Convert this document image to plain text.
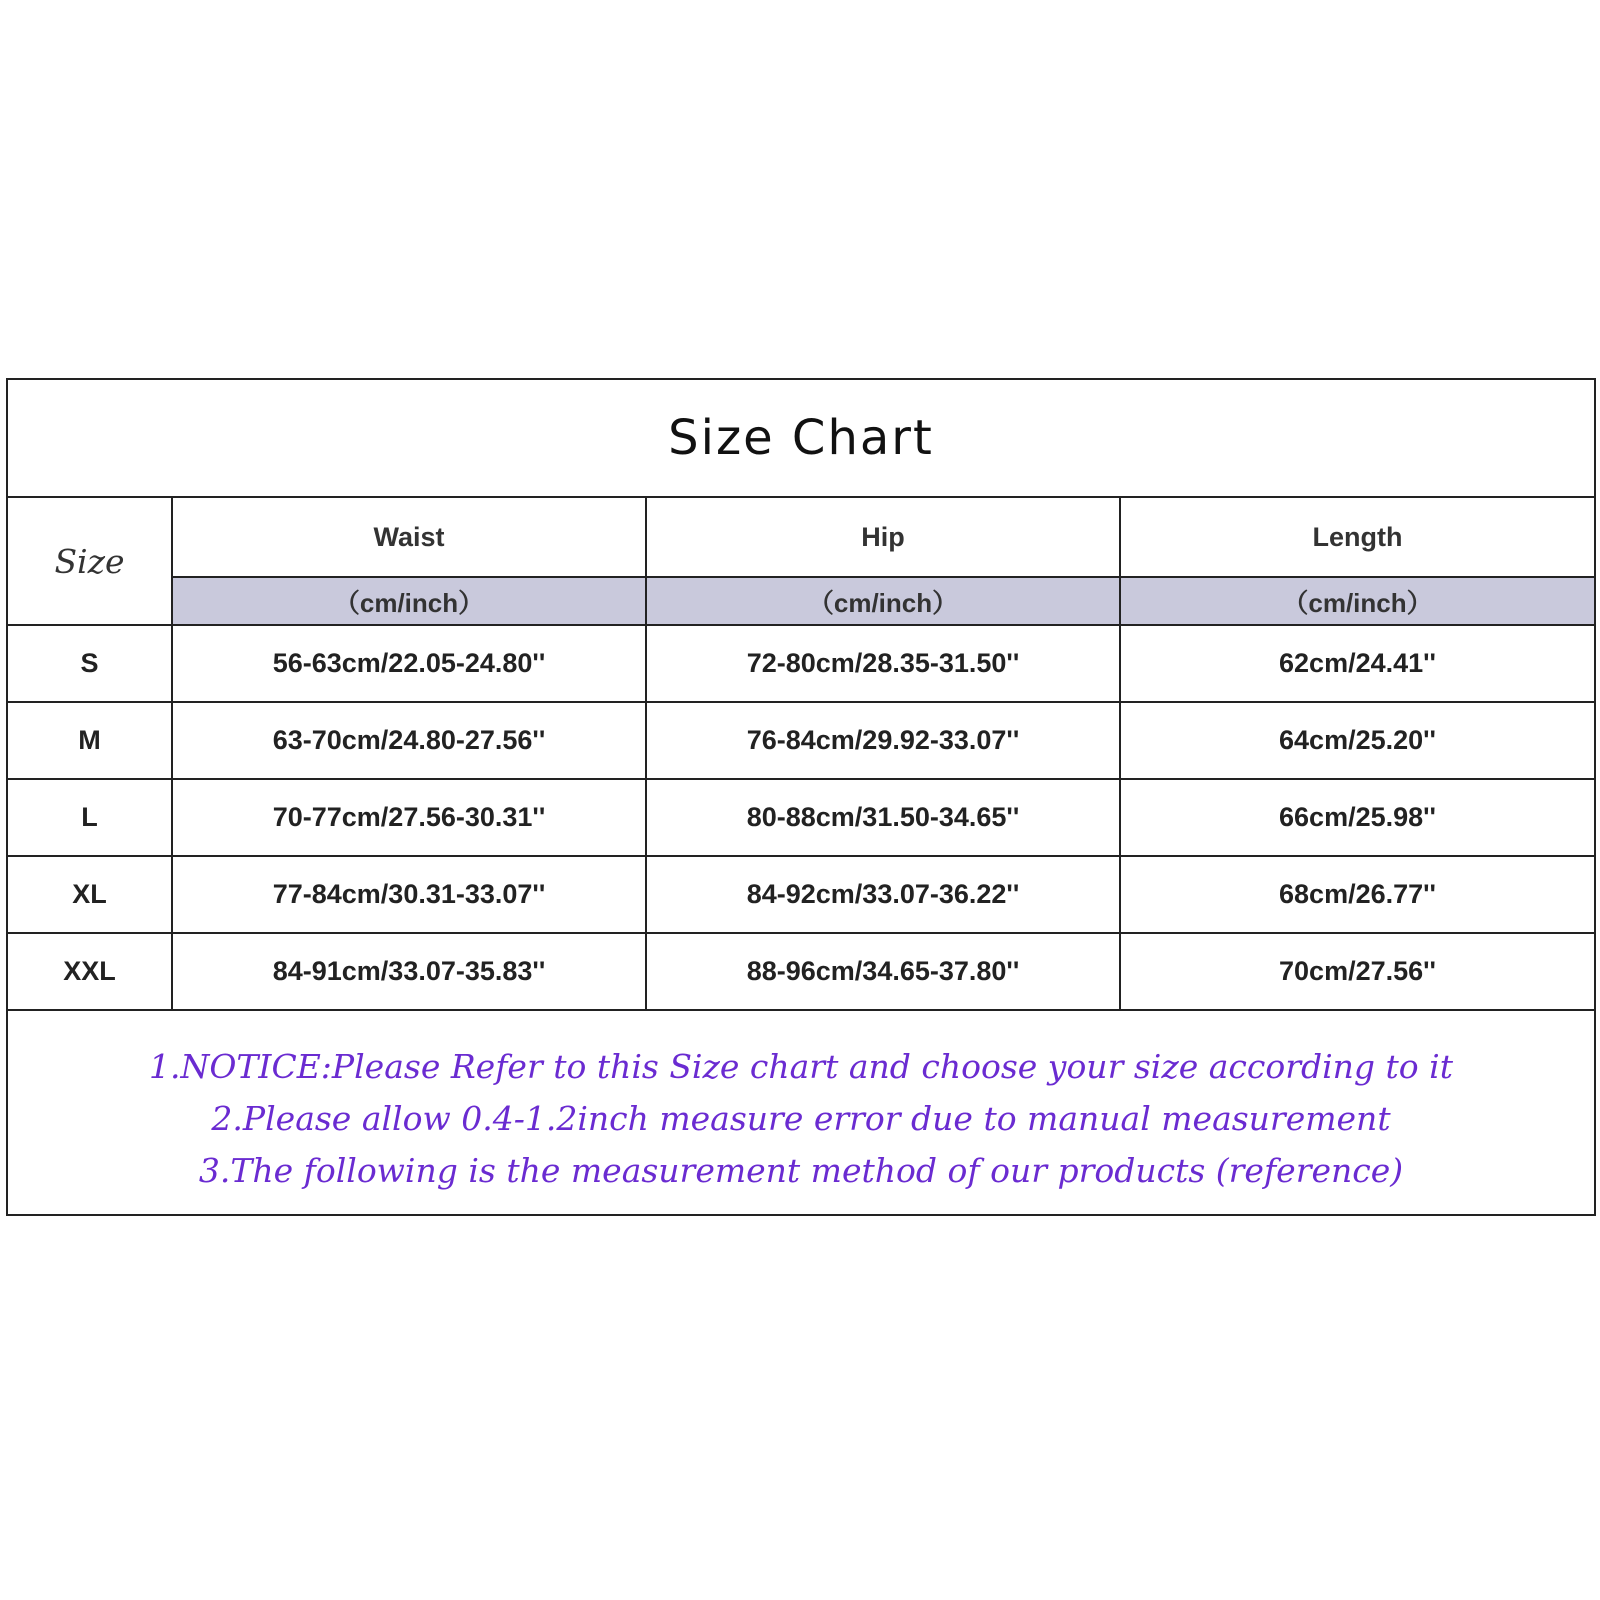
Size Chart
Size	Waist	Hip	Length
	（cm/inch）	（cm/inch）	（cm/inch）
S	56-63cm/22.05-24.80''	72-80cm/28.35-31.50''	62cm/24.41''
M	63-70cm/24.80-27.56''	76-84cm/29.92-33.07''	64cm/25.20''
L	70-77cm/27.56-30.31''	80-88cm/31.50-34.65''	66cm/25.98''
XL	77-84cm/30.31-33.07''	84-92cm/33.07-36.22''	68cm/26.77''
XXL	84-91cm/33.07-35.83''	88-96cm/34.65-37.80''	70cm/27.56''

1.NOTICE:Please Refer to this Size chart and choose your size according to it

2.Please allow 0.4-1.2inch measure error due to manual measurement

3.The following is the measurement method of our products (reference)
